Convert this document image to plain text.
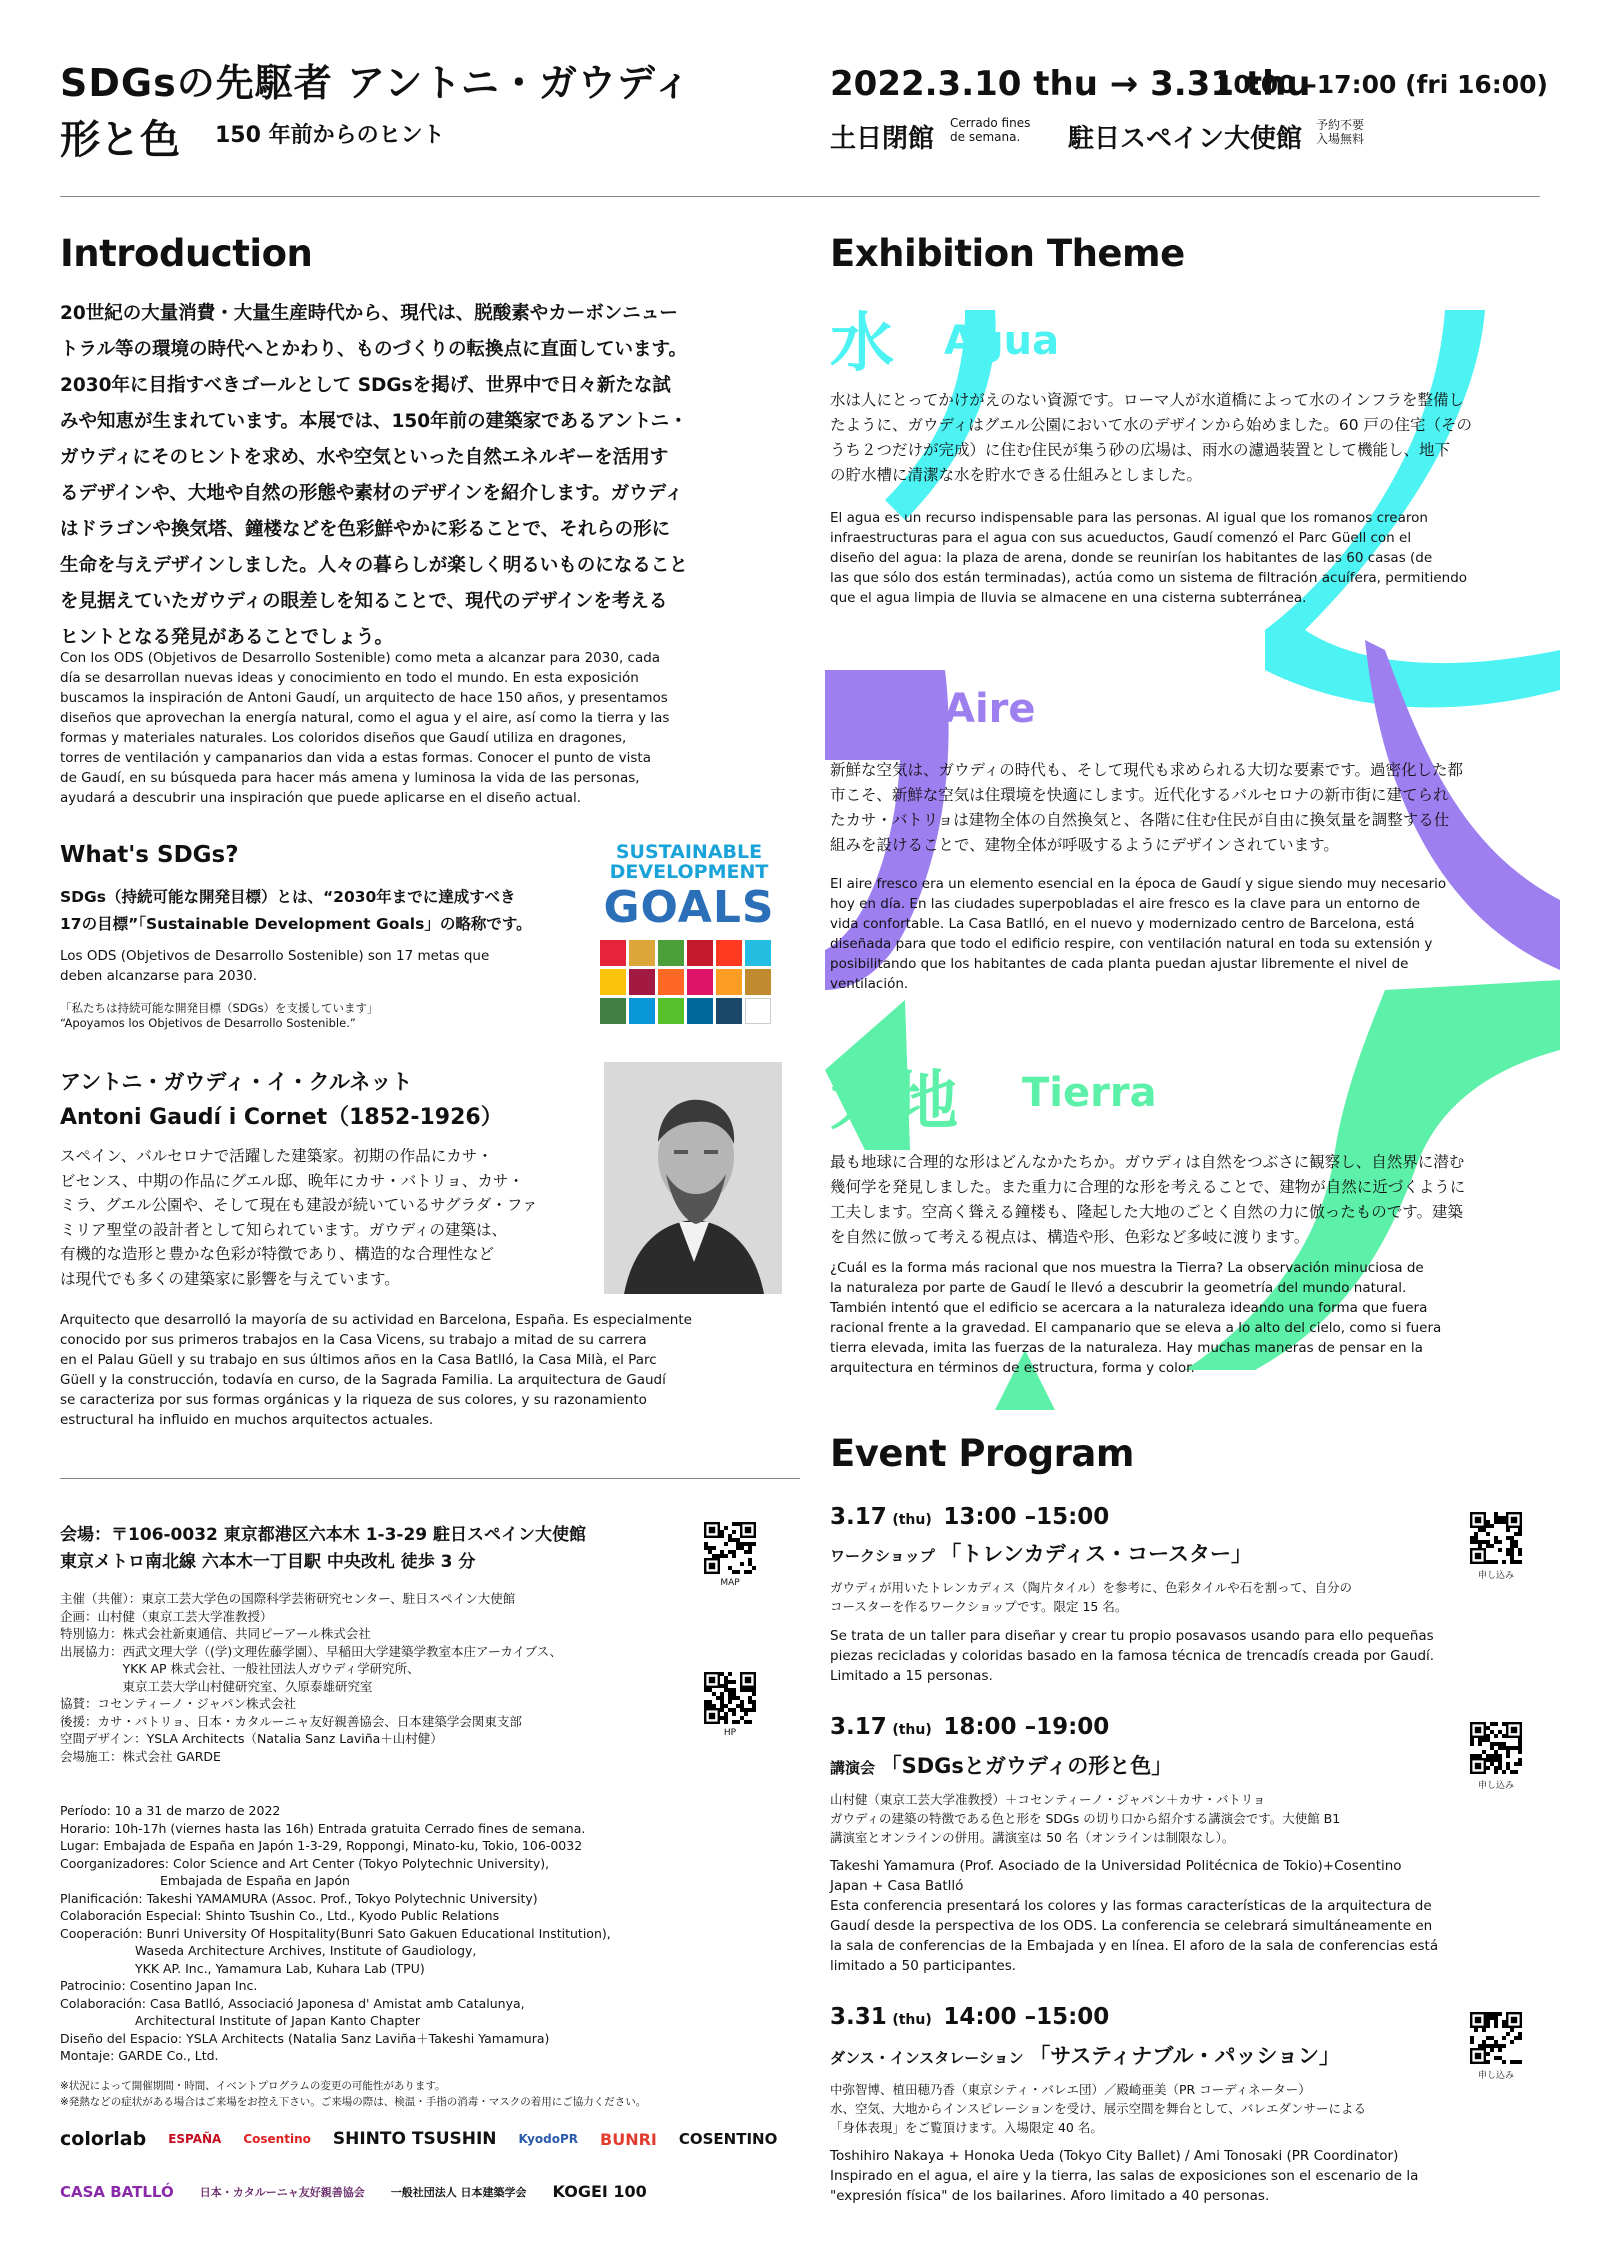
SDGsの先駆者 アントニ・ガウディ
形と色 150 年前からのヒント
2022.3.10 thu → 3.31 thu
10:00 –17:00 (fri 16:00)
土日閉館
Cerrado fines
de semana.	駐日スペイン大使館 予約不要
入場無料
Introduction
20世紀の大量消費・大量生産時代から、現代は、脱酸素やカーボンニュー
トラル等の環境の時代へとかわり、ものづくりの転換点に直面しています。
2030年に目指すべきゴールとして SDGsを掲げ、世界中で日々新たな試
みや知恵が生まれています。本展では、150年前の建築家であるアントニ・
ガウディにそのヒントを求め、水や空気といった自然エネルギーを活用す
るデザインや、大地や自然の形態や素材のデザインを紹介します。ガウディ
はドラゴンや換気塔、鐘楼などを色彩鮮やかに彩ることで、それらの形に
生命を与えデザインしました。人々の暮らしが楽しく明るいものになること
を見据えていたガウディの眼差しを知ることで、現代のデザインを考える
ヒントとなる発見があることでしょう。
Con los ODS (Objetivos de Desarrollo Sostenible) como meta a alcanzar para 2030, cada
día se desarrollan nuevas ideas y conocimiento en todo el mundo. En esta exposición
buscamos la inspiración de Antoni Gaudí, un arquitecto de hace 150 años, y presentamos
diseños que aprovechan la energía natural, como el agua y el aire, así como la tierra y las
formas y materiales naturales. Los coloridos diseños que Gaudí utiliza en dragones,
torres de ventilación y campanarios dan vida a estas formas. Conocer el punto de vista
de Gaudí, en su búsqueda para hacer más amena y luminosa la vida de las personas,
ayudará a descubrir una inspiración que puede aplicarse en el diseño actual.
What's SDGs?
SDGs（持続可能な開発目標）とは、“2030年までに達成すべき
17の目標”「Sustainable Development Goals」の略称です。
Los ODS (Objetivos de Desarrollo Sostenible) son 17 metas que
deben alcanzarse para 2030.
「私たちは持続可能な開発目標（SDGs）を支援しています」
“Apoyamos los Objetivos de Desarrollo Sostenible.”
SUSTAINABLE
DEVELOPMENT
GOALS
アントニ・ガウディ・イ・クルネット
Antoni Gaudí i Cornet（1852-1926）
スペイン、バルセロナで活躍した建築家。初期の作品にカサ・
ビセンス、中期の作品にグエル邸、晩年にカサ・バトリョ、カサ・
ミラ、グエル公園や、そして現在も建設が続いているサグラダ・ファ
ミリア聖堂の設計者として知られています。ガウディの建築は、
有機的な造形と豊かな色彩が特徴であり、構造的な合理性など
は現代でも多くの建築家に影響を与えています。
Arquitecto que desarrolló la mayoría de su actividad en Barcelona, España. Es especialmente
conocido por sus primeros trabajos en la Casa Vicens, su trabajo a mitad de su carrera
en el Palau Güell y su trabajo en sus últimos años en la Casa Batlló, la Casa Milà, el Parc
Güell y la construcción, todavía en curso, de la Sagrada Familia. La arquitectura de Gaudí
se caracteriza por sus formas orgánicas y la riqueza de sus colores, y su razonamiento
estructural ha influido en muchos arquitectos actuales.
会場：〒106-0032 東京都港区六本木 1-3-29 駐日スペイン大使館
東京メトロ南北線 六本木一丁目駅 中央改札 徒歩 3 分
MAP
HP
主催（共催）：東京工芸大学色の国際科学芸術研究センター、駐日スペイン大使館
企画：山村健（東京工芸大学准教授）
特別協力：株式会社新東通信、共同ピーアール株式会社
出展協力：西武文理大学（(学)文理佐藤学園）、早稲田大学建築学教室本庄アーカイブス、
　　　　　YKK AP 株式会社、一般社団法人ガウディ学研究所、
　　　　　東京工芸大学山村健研究室、久原泰雄研究室
協賛：コセンティーノ・ジャパン株式会社
後援：カサ・バトリョ、日本・カタルーニャ友好親善協会、日本建築学会関東支部
空間デザイン：YSLA Architects（Natalia Sanz Laviña＋山村健）
会場施工：株式会社 GARDE
Período: 10 a 31 de marzo de 2022
Horario: 10h-17h (viernes hasta las 16h) Entrada gratuita Cerrado fines de semana.
Lugar: Embajada de España en Japón 1-3-29, Roppongi, Minato-ku, Tokio, 106-0032
Coorganizadores: Color Science and Art Center (Tokyo Polytechnic University),
　　　　　　　　Embajada de España en Japón
Planificación: Takeshi YAMAMURA (Assoc. Prof., Tokyo Polytechnic University)
Colaboración Especial: Shinto Tsushin Co., Ltd., Kyodo Public Relations
Cooperación: Bunri University Of Hospitality(Bunri Sato Gakuen Educational Institution),
　　　　　　Waseda Architecture Archives, Institute of Gaudiology,
　　　　　　YKK AP. Inc., Yamamura Lab, Kuhara Lab (TPU)
Patrocinio: Cosentino Japan Inc.
Colaboración: Casa Batlló, Associació Japonesa d' Amistat amb Catalunya,
　　　　　　Architectural Institute of Japan Kanto Chapter
Diseño del Espacio: YSLA Architects (Natalia Sanz Laviña＋Takeshi Yamamura)
Montaje: GARDE Co., Ltd.
※状況によって開催期間・時間、イベントプログラムの変更の可能性があります。
※発熱などの症状がある場合はご来場をお控え下さい。ご来場の際は、検温・手指の消毒・マスクの着用にご協力ください。
colorlab ESPAÑA Cosentino SHINTO TSUSHIN KyodoPR BUNRI COSENTINO
CASA BATLLÓ 日本・カタルーニャ友好親善協会 一般社団法人 日本建築学会 KOGEI 100
Exhibition Theme
水 Agua
水は人にとってかけがえのない資源です。ローマ人が水道橋によって水のインフラを整備し
たように、ガウディはグエル公園において水のデザインから始めました。60 戸の住宅（その
うち２つだけが完成）に住む住民が集う砂の広場は、雨水の濾過装置として機能し、地下
の貯水槽に清潔な水を貯水できる仕組みとしました。
El agua es un recurso indispensable para las personas. Al igual que los romanos crearon
infraestructuras para el agua con sus acueductos, Gaudí comenzó el Parc Güell con el
diseño del agua: la plaza de arena, donde se reunirían los habitantes de las 60 casas (de
las que sólo dos están terminadas), actúa como un sistema de filtración acuífera, permitiendo
que el agua limpia de lluvia se almacene en una cisterna subterránea.
風 Aire
新鮮な空気は、ガウディの時代も、そして現代も求められる大切な要素です。過密化した都
市こそ、新鮮な空気は住環境を快適にします。近代化するバルセロナの新市街に建てられ
たカサ・バトリョは建物全体の自然換気と、各階に住む住民が自由に換気量を調整する仕
組みを設けることで、建物全体が呼吸するようにデザインされています。
El aire fresco era un elemento esencial en la época de Gaudí y sigue siendo muy necesario
hoy en día. En las ciudades superpobladas el aire fresco es la clave para un entorno de
vida confortable. La Casa Batlló, en el nuevo y modernizado centro de Barcelona, está
diseñada para que todo el edificio respire, con ventilación natural en toda su extensión y
posibilitando que los habitantes de cada planta puedan ajustar libremente el nivel de
ventilación.
大地 Tierra
最も地球に合理的な形はどんなかたちか。ガウディは自然をつぶさに観察し、自然界に潜む
幾何学を発見しました。また重力に合理的な形を考えることで、建物が自然に近づくように
工夫します。空高く聳える鐘楼も、隆起した大地のごとく自然の力に倣ったものです。建築
を自然に倣って考える視点は、構造や形、色彩など多岐に渡ります。
¿Cuál es la forma más racional que nos muestra la Tierra? La observación minuciosa de
la naturaleza por parte de Gaudí le llevó a descubrir la geometría del mundo natural.
También intentó que el edificio se acercara a la naturaleza ideando una forma que fuera
racional frente a la gravedad. El campanario que se eleva a lo alto del cielo, como si fuera
tierra elevada, imita las fuerzas de la naturaleza. Hay muchas maneras de pensar en la
arquitectura en términos de estructura, forma y color.
Event Program
3.17 (thu) 13:00 –15:00
ワークショップ 「トレンカディス・コースター」
ガウディが用いたトレンカディス（陶片タイル）を参考に、色彩タイルや石を割って、自分の
コースターを作るワークショップです。限定 15 名。
Se trata de un taller para diseñar y crear tu propio posavasos usando para ello pequeñas
piezas recicladas y coloridas basado en la famosa técnica de trencadís creada por Gaudí.
Limitado a 15 personas.
申し込み
3.17 (thu) 18:00 –19:00
講演会 「SDGsとガウディの形と色」
山村健（東京工芸大学准教授）＋コセンティーノ・ジャパン＋カサ・バトリョ
ガウディの建築の特徴である色と形を SDGs の切り口から紹介する講演会です。大使館 B1
講演室とオンラインの併用。講演室は 50 名（オンラインは制限なし）。
Takeshi Yamamura (Prof. Asociado de la Universidad Politécnica de Tokio)+Cosentino
Japan + Casa Batlló
Esta conferencia presentará los colores y las formas características de la arquitectura de
Gaudí desde la perspectiva de los ODS. La conferencia se celebrará simultáneamente en
la sala de conferencias de la Embajada y en línea. El aforo de la sala de conferencias está
limitado a 50 participantes.
申し込み
3.31 (thu) 14:00 –15:00
ダンス・インスタレーション 「サスティナブル・パッション」
中弥智博、植田穂乃香（東京シティ・バレエ団）／殿崎亜美（PR コーディネーター）
水、空気、大地からインスピレーションを受け、展示空間を舞台として、バレエダンサーによる
「身体表現」をご覧頂けます。入場限定 40 名。
Toshihiro Nakaya + Honoka Ueda (Tokyo City Ballet) / Ami Tonosaki (PR Coordinator)
Inspirado en el agua, el aire y la tierra, las salas de exposiciones son el escenario de la
"expresión física" de los bailarines. Aforo limitado a 40 personas.
申し込み
